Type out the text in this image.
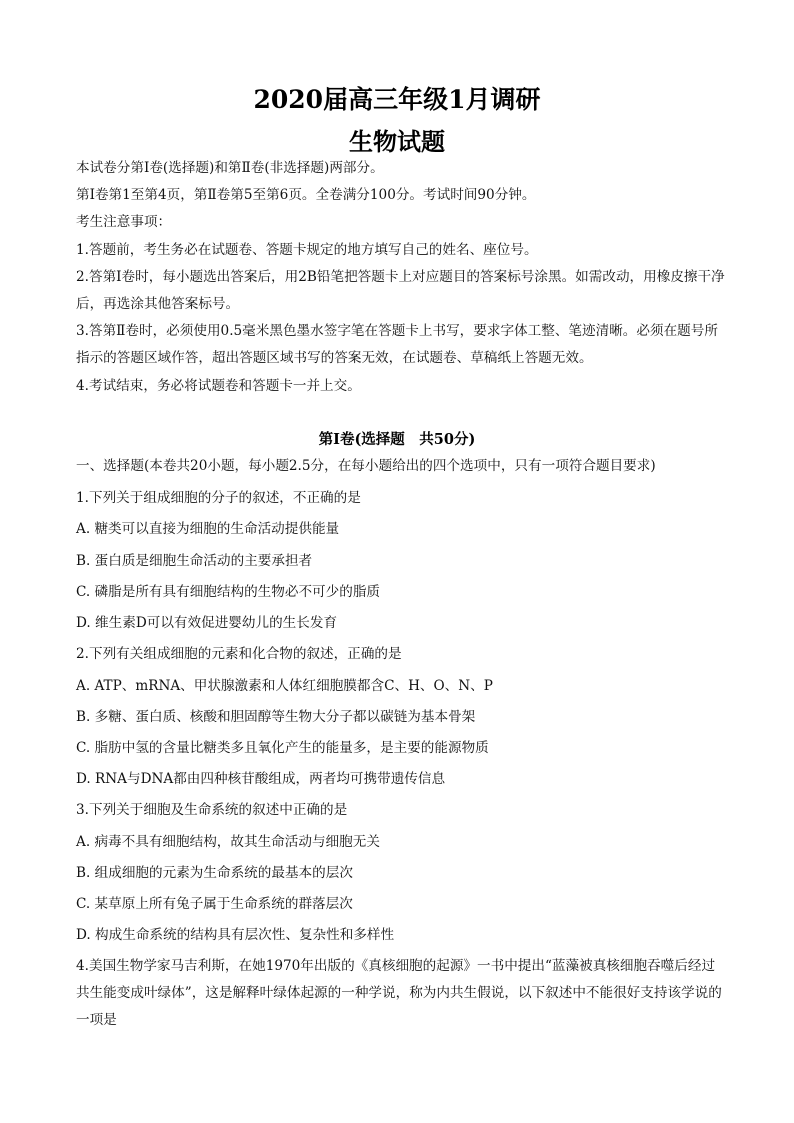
2020届高三年级1月调研
生物试题
本试卷分第Ⅰ卷(选择题)和第Ⅱ卷(非选择题)两部分。
第Ⅰ卷第1至第4页，第Ⅱ卷第5至第6页。全卷满分100分。考试时间90分钟。
考生注意事项：
1.答题前，考生务必在试题卷、答题卡规定的地方填写自己的姓名、座位号。
2.答第Ⅰ卷时，每小题选出答案后，用2B铅笔把答题卡上对应题目的答案标号涂黑。如需改动，用橡皮擦干净后，再选涂其他答案标号。
3.答第Ⅱ卷时，必须使用0.5毫米黑色墨水签字笔在答题卡上书写，要求字体工整、笔迹清晰。必须在题号所指示的答题区域作答，超出答题区域书写的答案无效，在试题卷、草稿纸上答题无效。
4.考试结束，务必将试题卷和答题卡一并上交。
第Ⅰ卷(选择题　共50分)
一、选择题(本卷共20小题，每小题2.5分，在每小题给出的四个选项中，只有一项符合题目要求)
1.下列关于组成细胞的分子的叙述，不正确的是
A. 糖类可以直接为细胞的生命活动提供能量
B. 蛋白质是细胞生命活动的主要承担者
C. 磷脂是所有具有细胞结构的生物必不可少的脂质
D. 维生素D可以有效促进婴幼儿的生长发育
2.下列有关组成细胞的元素和化合物的叙述，正确的是
A. ATP、mRNA、甲状腺激素和人体红细胞膜都含C、H、O、N、P
B. 多糖、蛋白质、核酸和胆固醇等生物大分子都以碳链为基本骨架
C. 脂肪中氢的含量比糖类多且氧化产生的能量多，是主要的能源物质
D. RNA与DNA都由四种核苷酸组成，两者均可携带遗传信息
3.下列关于细胞及生命系统的叙述中正确的是
A. 病毒不具有细胞结构，故其生命活动与细胞无关
B. 组成细胞的元素为生命系统的最基本的层次
C. 某草原上所有兔子属于生命系统的群落层次
D. 构成生命系统的结构具有层次性、复杂性和多样性
4.美国生物学家马吉利斯，在她1970年出版的《真核细胞的起源》一书中提出“蓝藻被真核细胞吞噬后经过共生能变成叶绿体”，这是解释叶绿体起源的一种学说，称为内共生假说，以下叙述中不能很好支持该学说的一项是
